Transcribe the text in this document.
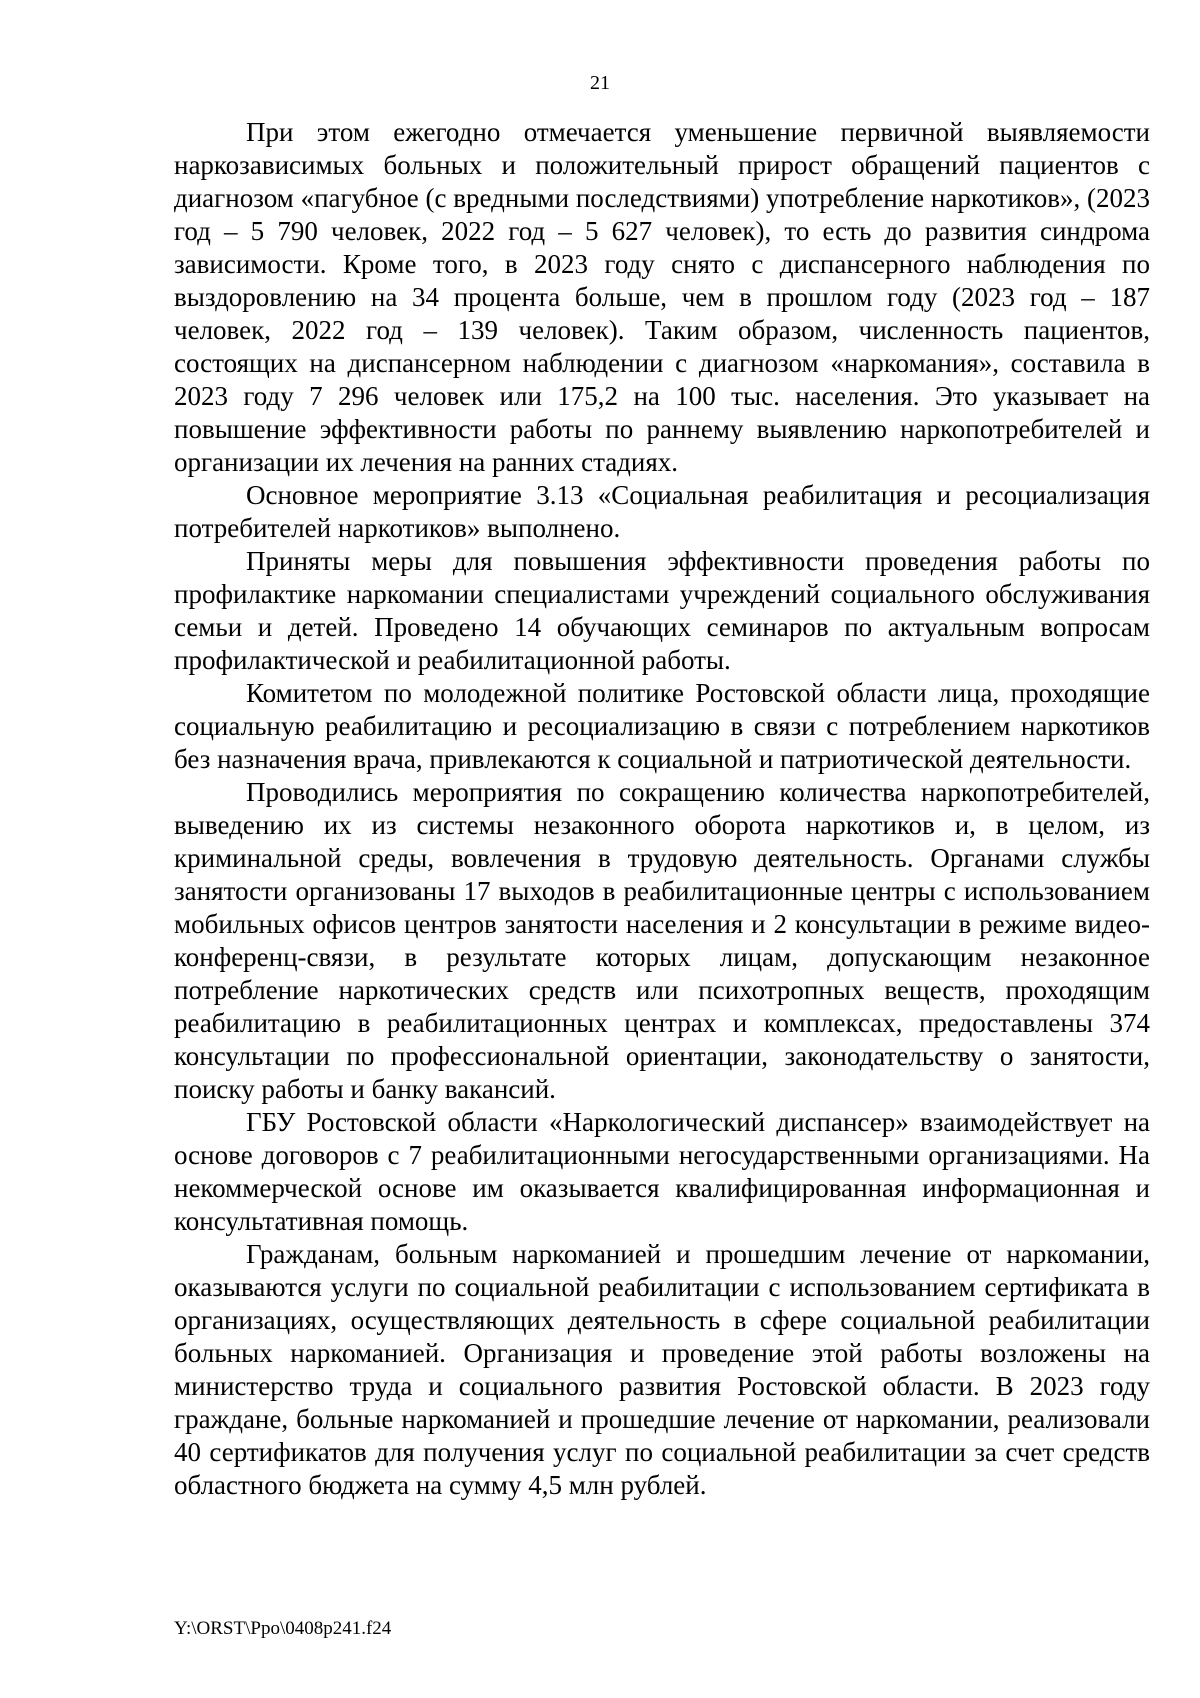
21

При этом ежегодно отмечается уменьшение первичной выявляемости наркозависимых больных и положительный прирост обращений пациентов с диагнозом «пагубное (с вредными последствиями) употребление наркотиков», (2023 год – 5 790 человек, 2022 год – 5 627 человек), то есть до развития синдрома зависимости. Кроме того, в 2023 году снято с диспансерного наблюдения по выздоровлению на 34 процента больше, чем в прошлом году (2023 год – 187 человек, 2022 год – 139 человек). Таким образом, численность пациентов, состоящих на диспансерном наблюдении с диагнозом «наркомания», составила в 2023 году 7 296 человек или 175,2 на 100 тыс. населения. Это указывает на повышение эффективности работы по раннему выявлению наркопотребителей и организации их лечения на ранних стадиях.

Основное мероприятие 3.13 «Социальная реабилитация и ресоциализация потребителей наркотиков» выполнено.

Приняты меры для повышения эффективности проведения работы по профилактике наркомании специалистами учреждений социального обслуживания семьи и детей. Проведено 14 обучающих семинаров по актуальным вопросам профилактической и реабилитационной работы.

Комитетом по молодежной политике Ростовской области лица, проходящие социальную реабилитацию и ресоциализацию в связи с потреблением наркотиков без назначения врача, привлекаются к социальной и патриотической деятельности.

Проводились мероприятия по сокращению количества наркопотребителей, выведению их из системы незаконного оборота наркотиков и, в целом, из криминальной среды, вовлечения в трудовую деятельность. Органами службы занятости организованы 17 выходов в реабилитационные центры с использованием мобильных офисов центров занятости населения и 2 консультации в режиме видео-конференц-связи, в результате которых лицам, допускающим незаконное потребление наркотических средств или психотропных веществ, проходящим реабилитацию в реабилитационных центрах и комплексах, предоставлены 374 консультации по профессиональной ориентации, законодательству о занятости, поиску работы и банку вакансий.

ГБУ Ростовской области «Наркологический диспансер» взаимодействует на основе договоров с 7 реабилитационными негосударственными организациями. На некоммерческой основе им оказывается квалифицированная информационная и консультативная помощь.

Гражданам, больным наркоманией и прошедшим лечение от наркомании, оказываются услуги по социальной реабилитации с использованием сертификата в организациях, осуществляющих деятельность в сфере социальной реабилитации больных наркоманией. Организация и проведение этой работы возложены на министерство труда и социального развития Ростовской области. В 2023 году граждане, больные наркоманией и прошедшие лечение от наркомании, реализовали 40 сертификатов для получения услуг по социальной реабилитации за счет средств областного бюджета на сумму 4,5 млн рублей.

Y:\ORST\Ppo\0408p241.f24
